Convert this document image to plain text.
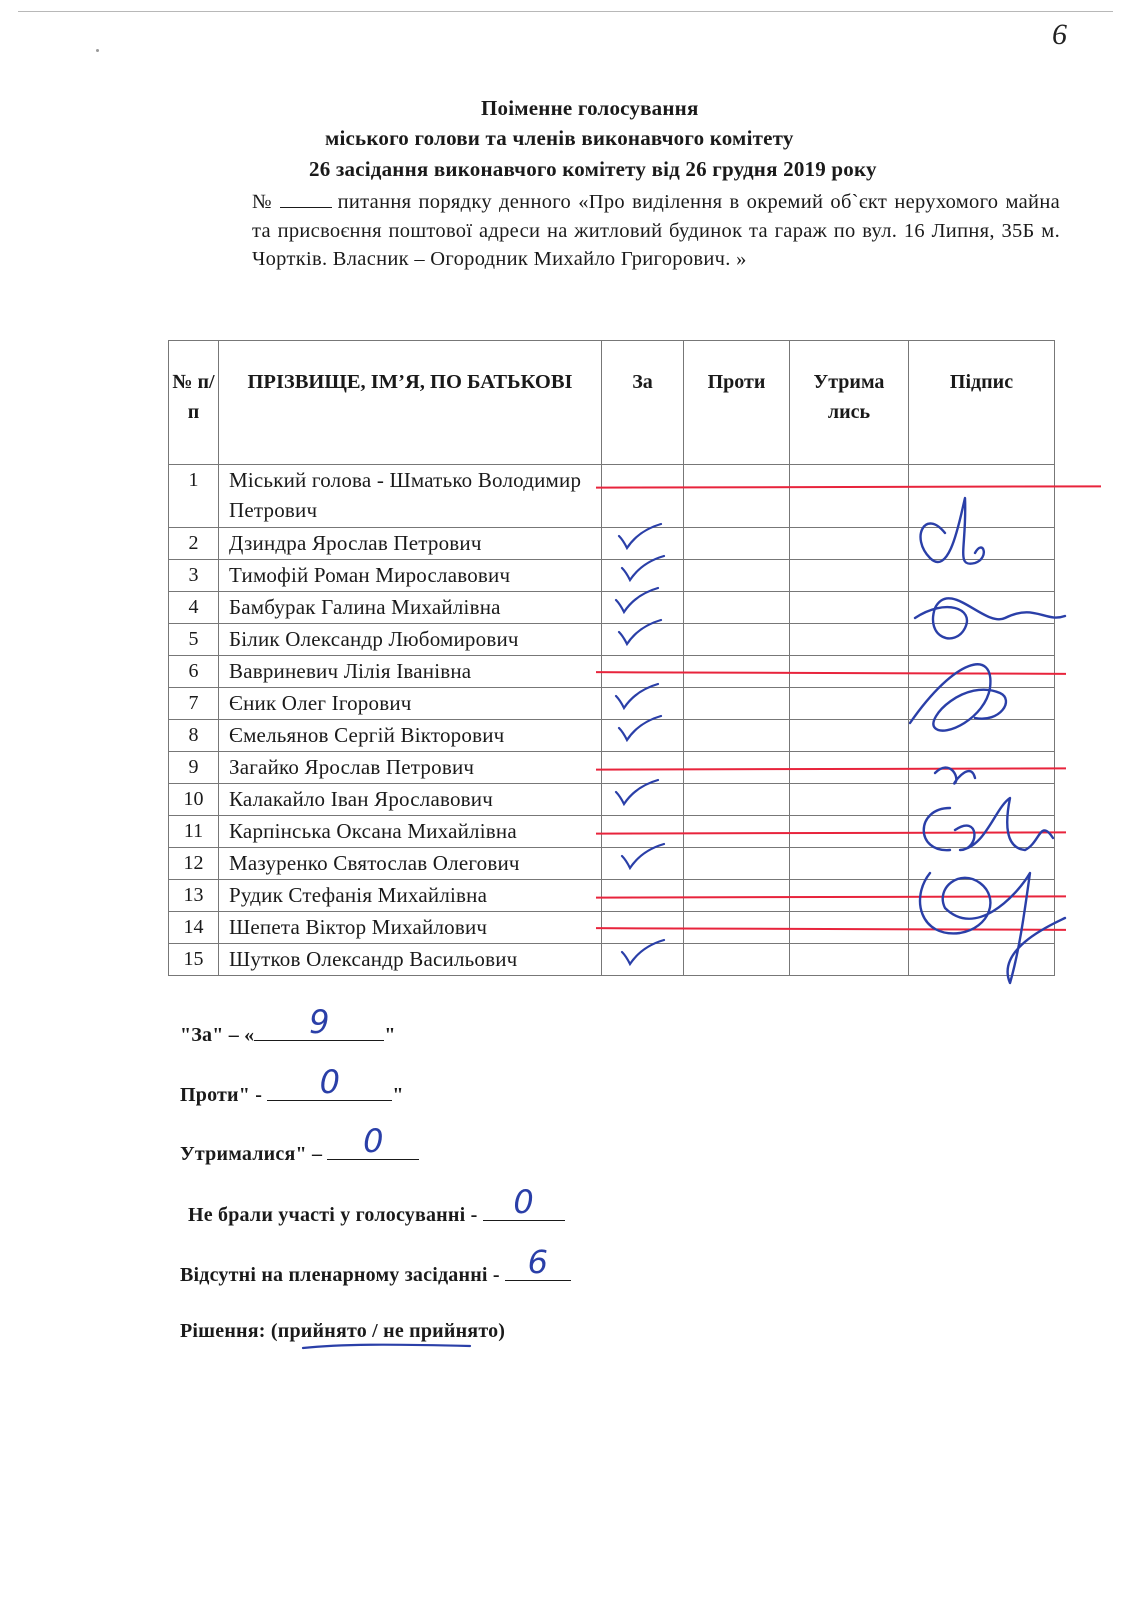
6
Поіменне голосування
міського голови та членів виконавчого комітету
26 засідання виконавчого комітету від 26 грудня 2019 року
№	питання порядку денного «Про виділення в окремий об`єкт нерухомого майна та присвоєння поштової адреси на житловий будинок та гараж по вул. 16 Липня, 35Б м. Чортків. Власник – Огородник Михайло Григорович. »
№ п/п	ПРІЗВИЩЕ, ІМ’Я, ПО БАТЬКОВІ	За	Проти	Утрима лись	Підпис
1	Міський голова - Шматько Володимир Петрович				
2	Дзиндра Ярослав Петрович				
3	Тимофій Роман Мирославович				
4	Бамбурак Галина Михайлівна				
5	Білик Олександр Любомирович				
6	Вавриневич Лілія Іванівна				
7	Єник Олег Ігорович				
8	Ємельянов Сергій Вікторович				
9	Загайко Ярослав Петрович				
10	Калакайло Іван Ярославович				
11	Карпінська Оксана Михайлівна				
12	Мазуренко Святослав Олегович				
13	Рудик Стефанія Михайлівна				
14	Шепета Віктор Михайлович				
15	Шутков Олександр Васильович				
"За" – «	9	"
Проти" -	0	"
Утрималися" –	0
Не брали участі у голосуванні -	0
Відсутні на пленарному засіданні - 6
Рішення: (прийнято / не прийнято)
